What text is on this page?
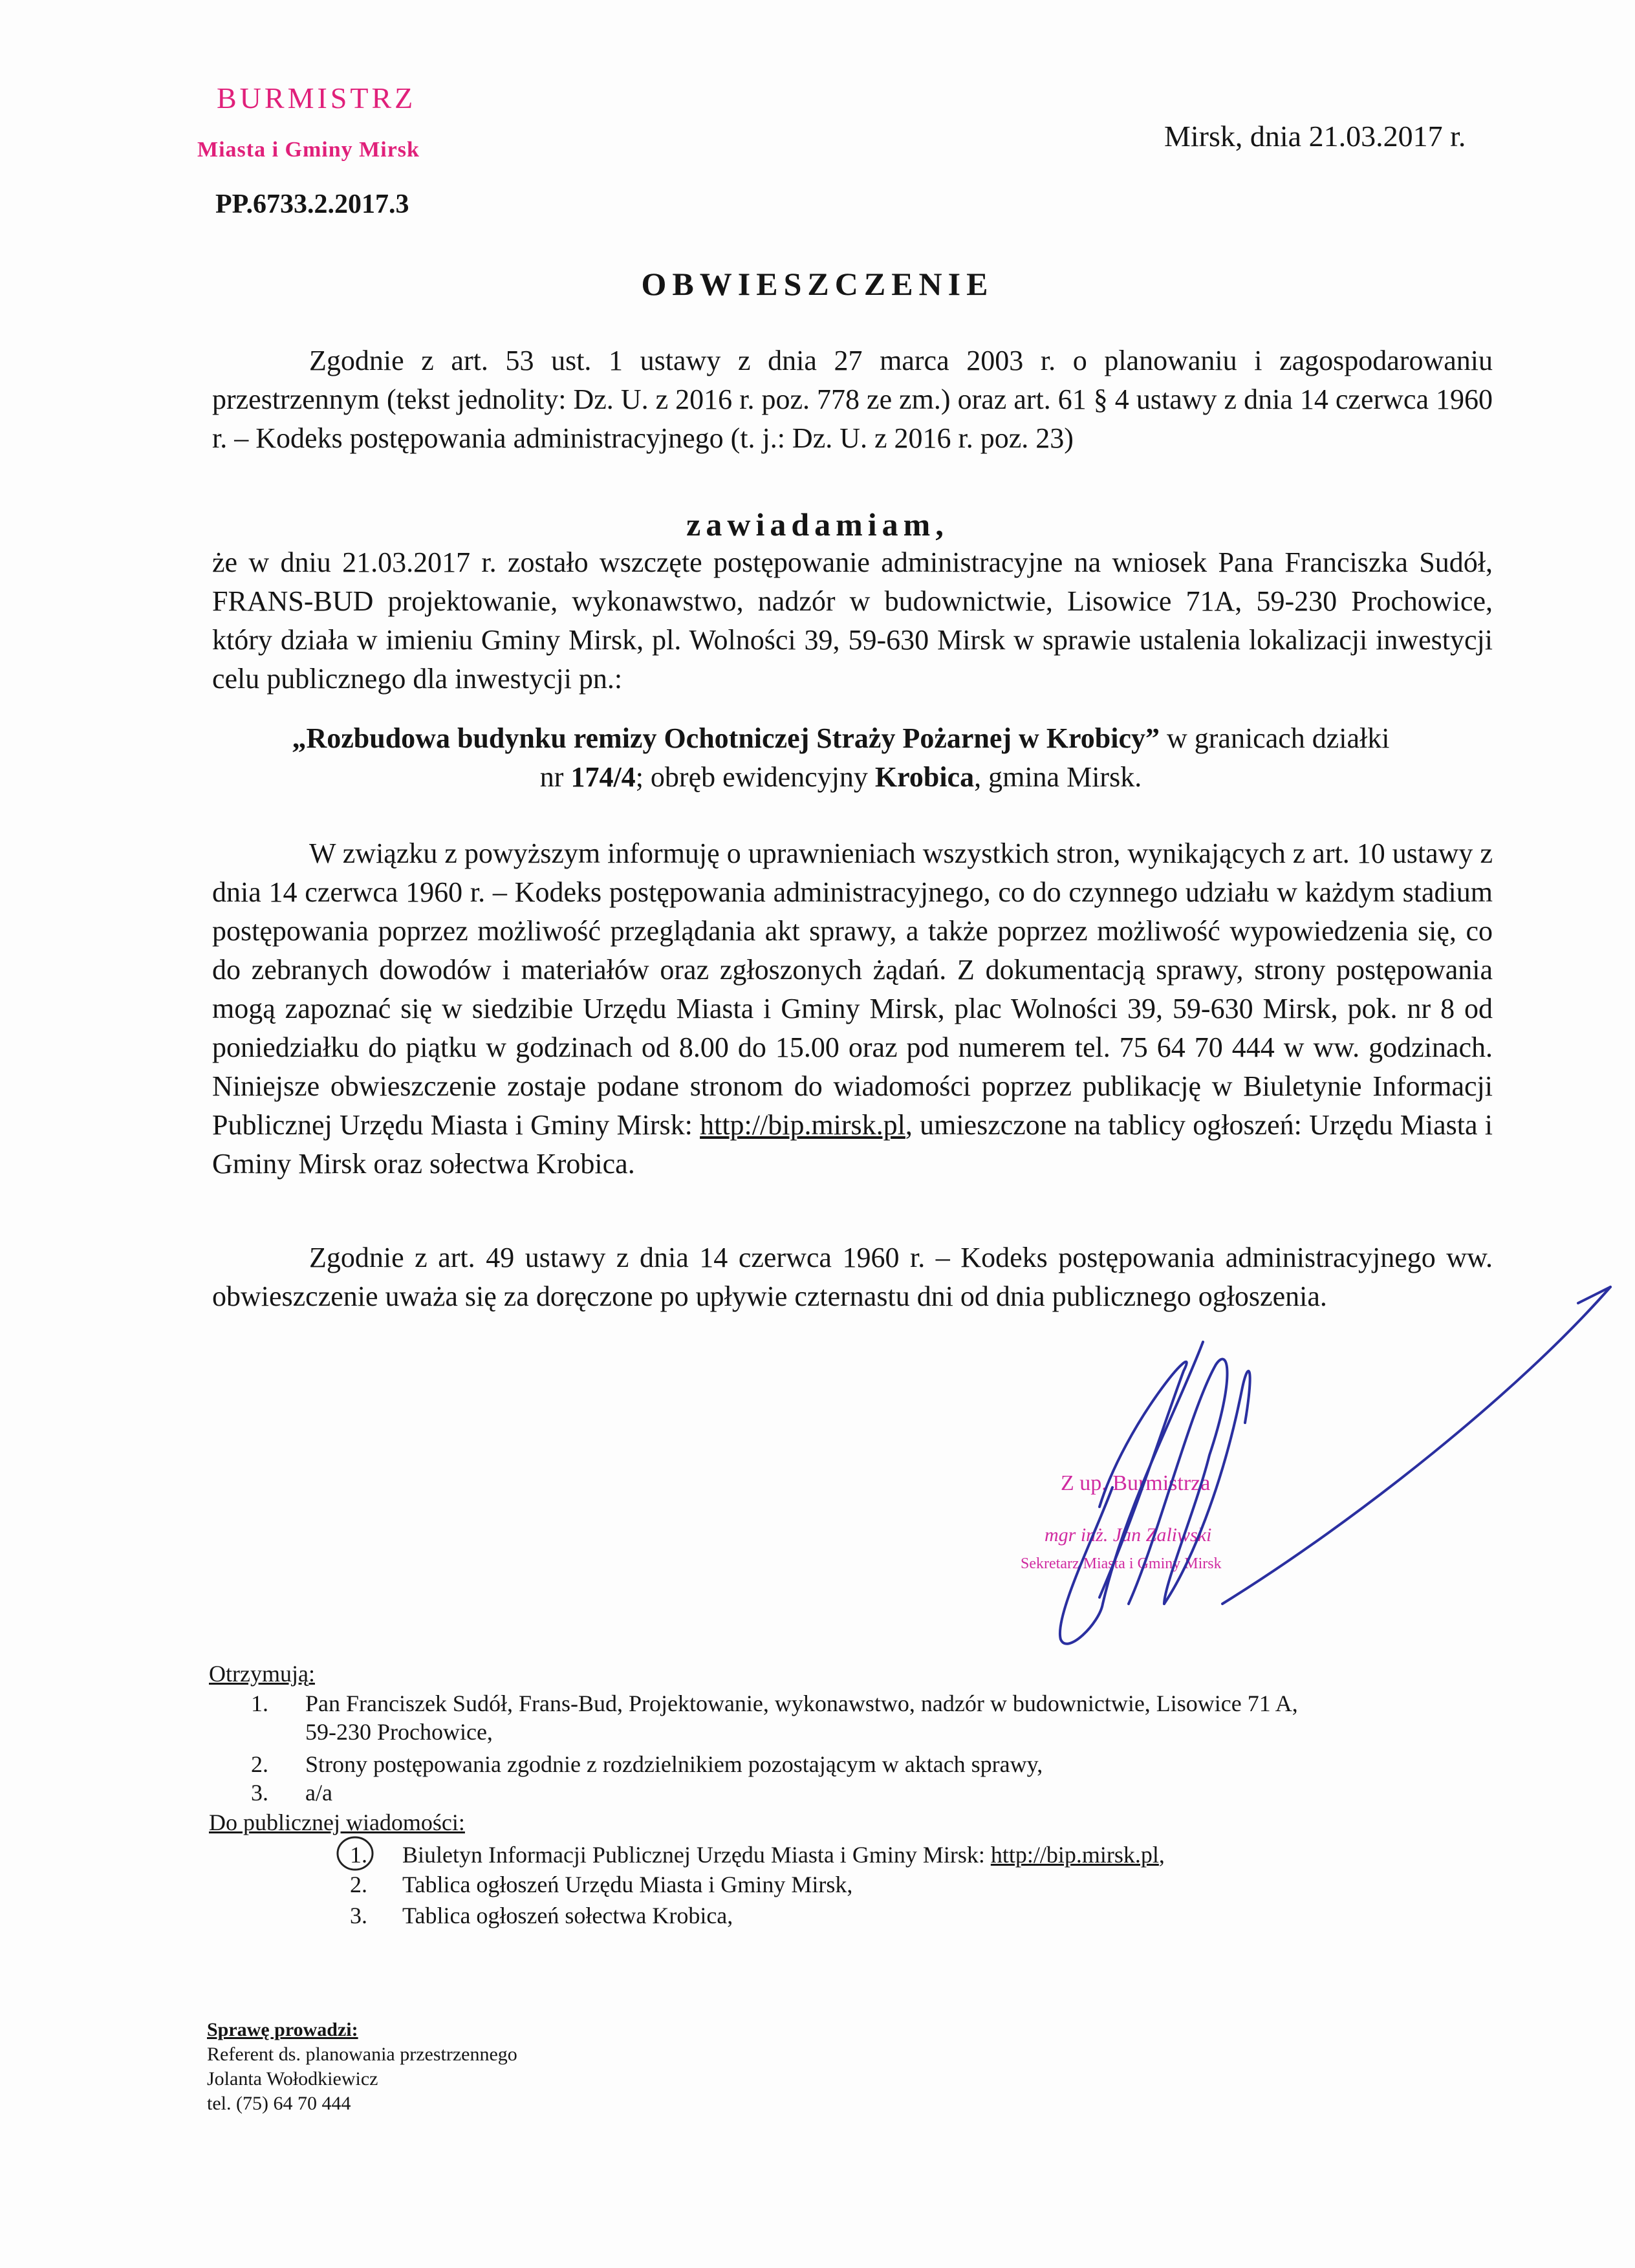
BURMISTRZ
Miasta i Gminy Mirsk
PP.6733.2.2017.3
Mirsk, dnia 21.03.2017 r.
OBWIESZCZENIE
Zgodnie z art. 53 ust. 1 ustawy z dnia 27 marca 2003 r. o planowaniu i zagospodarowaniu przestrzennym (tekst jednolity: Dz. U. z 2016 r. poz. 778 ze zm.) oraz art. 61 § 4 ustawy z dnia 14 czerwca 1960 r. – Kodeks postępowania administracyjnego (t. j.: Dz. U. z 2016 r. poz. 23)
zawiadamiam,
że w dniu 21.03.2017 r. zostało wszczęte postępowanie administracyjne na wniosek Pana Franciszka Sudół, FRANS-BUD projektowanie, wykonawstwo, nadzór w budownictwie, Lisowice 71A, 59-230 Prochowice, który działa w imieniu Gminy Mirsk, pl. Wolności 39, 59-630 Mirsk w sprawie ustalenia lokalizacji inwestycji celu publicznego dla inwestycji pn.:
„Rozbudowa budynku remizy Ochotniczej Straży Pożarnej w Krobicy” w granicach działki
nr 174/4; obręb ewidencyjny Krobica, gmina Mirsk.
W związku z powyższym informuję o uprawnieniach wszystkich stron, wynikających z art. 10 ustawy z dnia 14 czerwca 1960 r. – Kodeks postępowania administracyjnego, co do czynnego udziału w każdym stadium postępowania poprzez możliwość przeglądania akt sprawy, a także poprzez możliwość wypowiedzenia się, co do zebranych dowodów i materiałów oraz zgłoszonych żądań. Z dokumentacją sprawy, strony postępowania mogą zapoznać się w siedzibie Urzędu Miasta i Gminy Mirsk, plac Wolności 39, 59-630 Mirsk, pok. nr 8 od poniedziałku do piątku w godzinach od 8.00 do 15.00 oraz pod numerem tel. 75 64 70 444 w ww. godzinach. Niniejsze obwieszczenie zostaje podane stronom do wiadomości poprzez publikację w Biuletynie Informacji Publicznej Urzędu Miasta i Gminy Mirsk: http://bip.mirsk.pl, umieszczone na tablicy ogłoszeń: Urzędu Miasta i Gminy Mirsk oraz sołectwa Krobica.
Zgodnie z art. 49 ustawy z dnia 14 czerwca 1960 r. – Kodeks postępowania administracyjnego ww. obwieszczenie uważa się za doręczone po upływie czternastu dni od dnia publicznego ogłoszenia.
Z up. Burmistrza
mgr inż. Jan Zaliwski
Sekretarz Miasta i Gminy Mirsk
Otrzymują:
1. Pan Franciszek Sudół, Frans-Bud, Projektowanie, wykonawstwo, nadzór w budownictwie, Lisowice 71 A,
59-230 Prochowice,
2. Strony postępowania zgodnie z rozdzielnikiem pozostającym w aktach sprawy,
3. a/a
Do publicznej wiadomości:
1. Biuletyn Informacji Publicznej Urzędu Miasta i Gminy Mirsk: http://bip.mirsk.pl,
2. Tablica ogłoszeń Urzędu Miasta i Gminy Mirsk,
3. Tablica ogłoszeń sołectwa Krobica,
Sprawę prowadzi:
Referent ds. planowania przestrzennego
Jolanta Wołodkiewicz
tel. (75) 64 70 444
